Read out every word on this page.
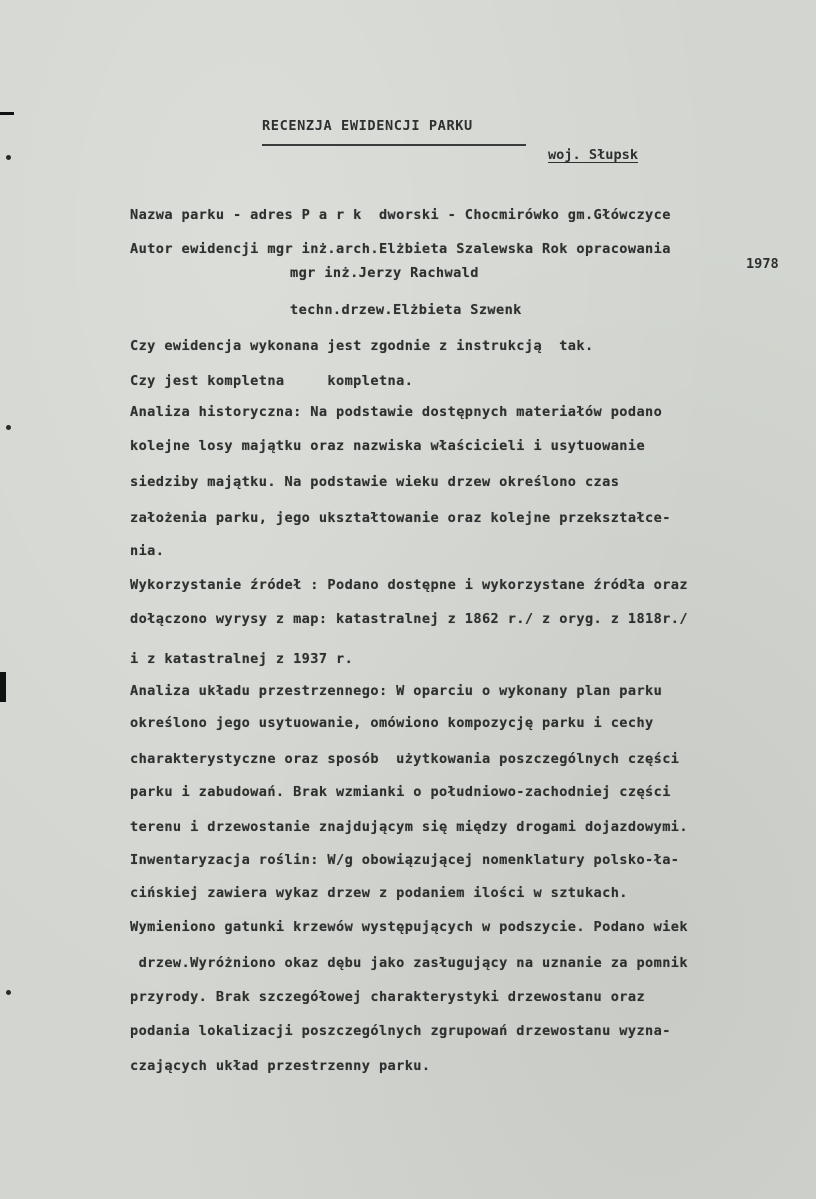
RECENZJA EWIDENCJI PARKU
woj. Słupsk
Nazwa parku - adres P a r k  dworski - Chocmirówko gm.Główczyce
Autor ewidencji mgr inż.arch.Elżbieta Szalewska Rok opracowania
1978
mgr inż.Jerzy Rachwald
techn.drzew.Elżbieta Szwenk
Czy ewidencja wykonana jest zgodnie z instrukcją  tak.
Czy jest kompletna     kompletna.
Analiza historyczna: Na podstawie dostępnych materiałów podano
kolejne losy majątku oraz nazwiska właścicieli i usytuowanie
siedziby majątku. Na podstawie wieku drzew określono czas
założenia parku, jego ukształtowanie oraz kolejne przekształce-
nia.
Wykorzystanie źródeł : Podano dostępne i wykorzystane źródła oraz
dołączono wyrysy z map: katastralnej z 1862 r./ z oryg. z 1818r./
i z katastralnej z 1937 r.
Analiza układu przestrzennego: W oparciu o wykonany plan parku
określono jego usytuowanie, omówiono kompozycję parku i cechy
charakterystyczne oraz sposób  użytkowania poszczególnych części
parku i zabudowań. Brak wzmianki o południowo-zachodniej części
terenu i drzewostanie znajdującym się między drogami dojazdowymi.
Inwentaryzacja roślin: W/g obowiązującej nomenklatury polsko-ła-
cińskiej zawiera wykaz drzew z podaniem ilości w sztukach.
Wymieniono gatunki krzewów występujących w podszycie. Podano wiek
drzew.Wyróżniono okaz dębu jako zasługujący na uznanie za pomnik
przyrody. Brak szczegółowej charakterystyki drzewostanu oraz
podania lokalizacji poszczególnych zgrupowań drzewostanu wyzna-
czających układ przestrzenny parku.
